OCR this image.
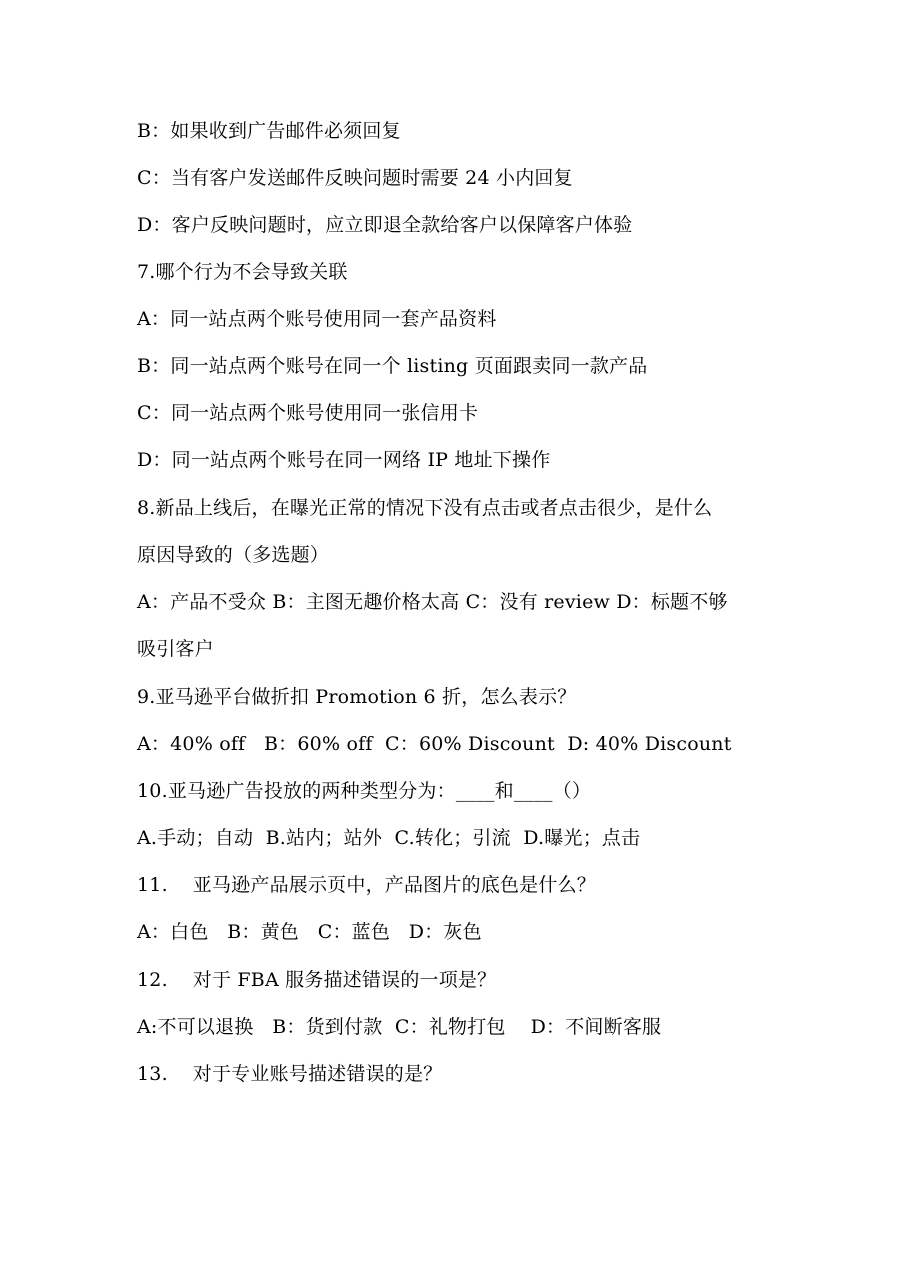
B：如果收到广告邮件必须回复
C：当有客户发送邮件反映问题时需要 24 小内回复
D：客户反映问题时，应立即退全款给客户以保障客户体验
7.哪个行为不会导致关联
A：同一站点两个账号使用同一套产品资料
B：同一站点两个账号在同一个 listing 页面跟卖同一款产品
C：同一站点两个账号使用同一张信用卡
D：同一站点两个账号在同一网络 IP 地址下操作
8.新品上线后，在曝光正常的情况下没有点击或者点击很少，是什么
原因导致的（多选题）
A：产品不受众 B：主图无趣价格太高 C：没有 review D：标题不够
吸引客户
9.亚马逊平台做折扣 Promotion 6 折，怎么表示？
A：40% off   B：60% off  C：60% Discount  D: 40% Discount
10.亚马逊广告投放的两种类型分为：____和____（）
A.手动；自动  B.站内；站外  C.转化；引流  D.曝光；点击
11.    亚马逊产品展示页中，产品图片的底色是什么？
A：白色   B：黄色   C：蓝色   D：灰色
12.    对于 FBA 服务描述错误的一项是？
A:不可以退换   B：货到付款  C：礼物打包    D：不间断客服
13.    对于专业账号描述错误的是？
